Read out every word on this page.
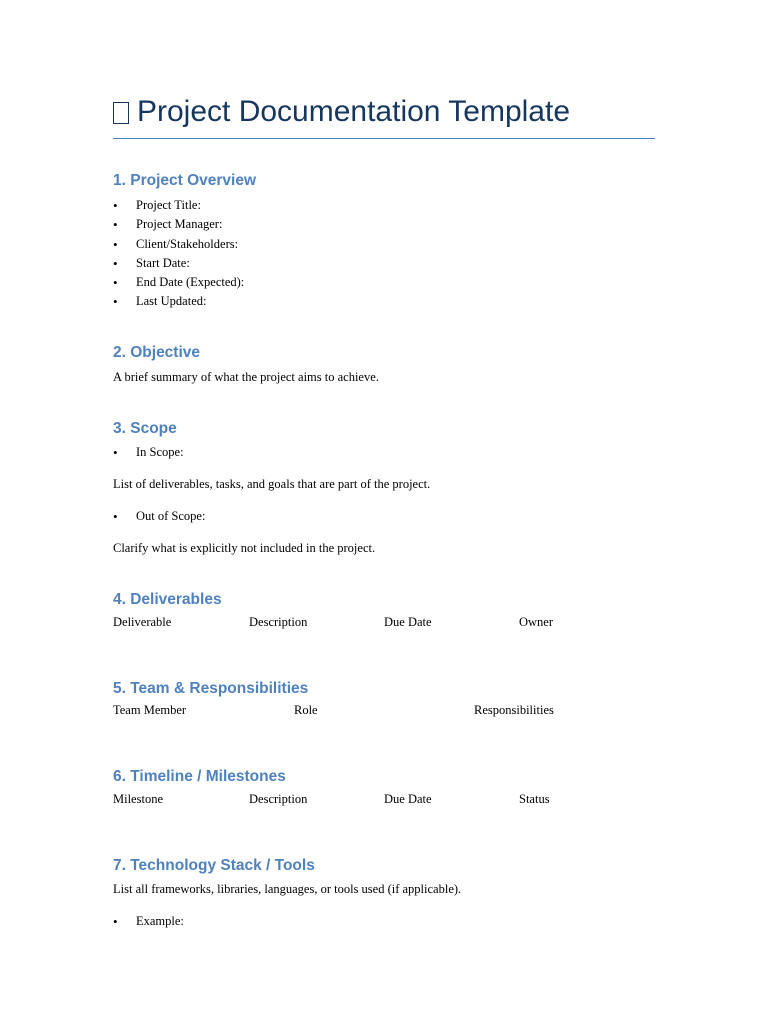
Project Documentation Template
1. Project Overview
• Project Title:
• Project Manager:
• Client/Stakeholders:
• Start Date:
• End Date (Expected):
• Last Updated:
2. Objective
A brief summary of what the project aims to achieve.
3. Scope
• In Scope:
List of deliverables, tasks, and goals that are part of the project.
• Out of Scope:
Clarify what is explicitly not included in the project.
4. Deliverables
Deliverable	Description	Due Date	Owner
5. Team & Responsibilities
Team Member	Role	Responsibilities
6. Timeline / Milestones
Milestone	Description	Due Date	Status
7. Technology Stack / Tools
List all frameworks, libraries, languages, or tools used (if applicable).
• Example:
